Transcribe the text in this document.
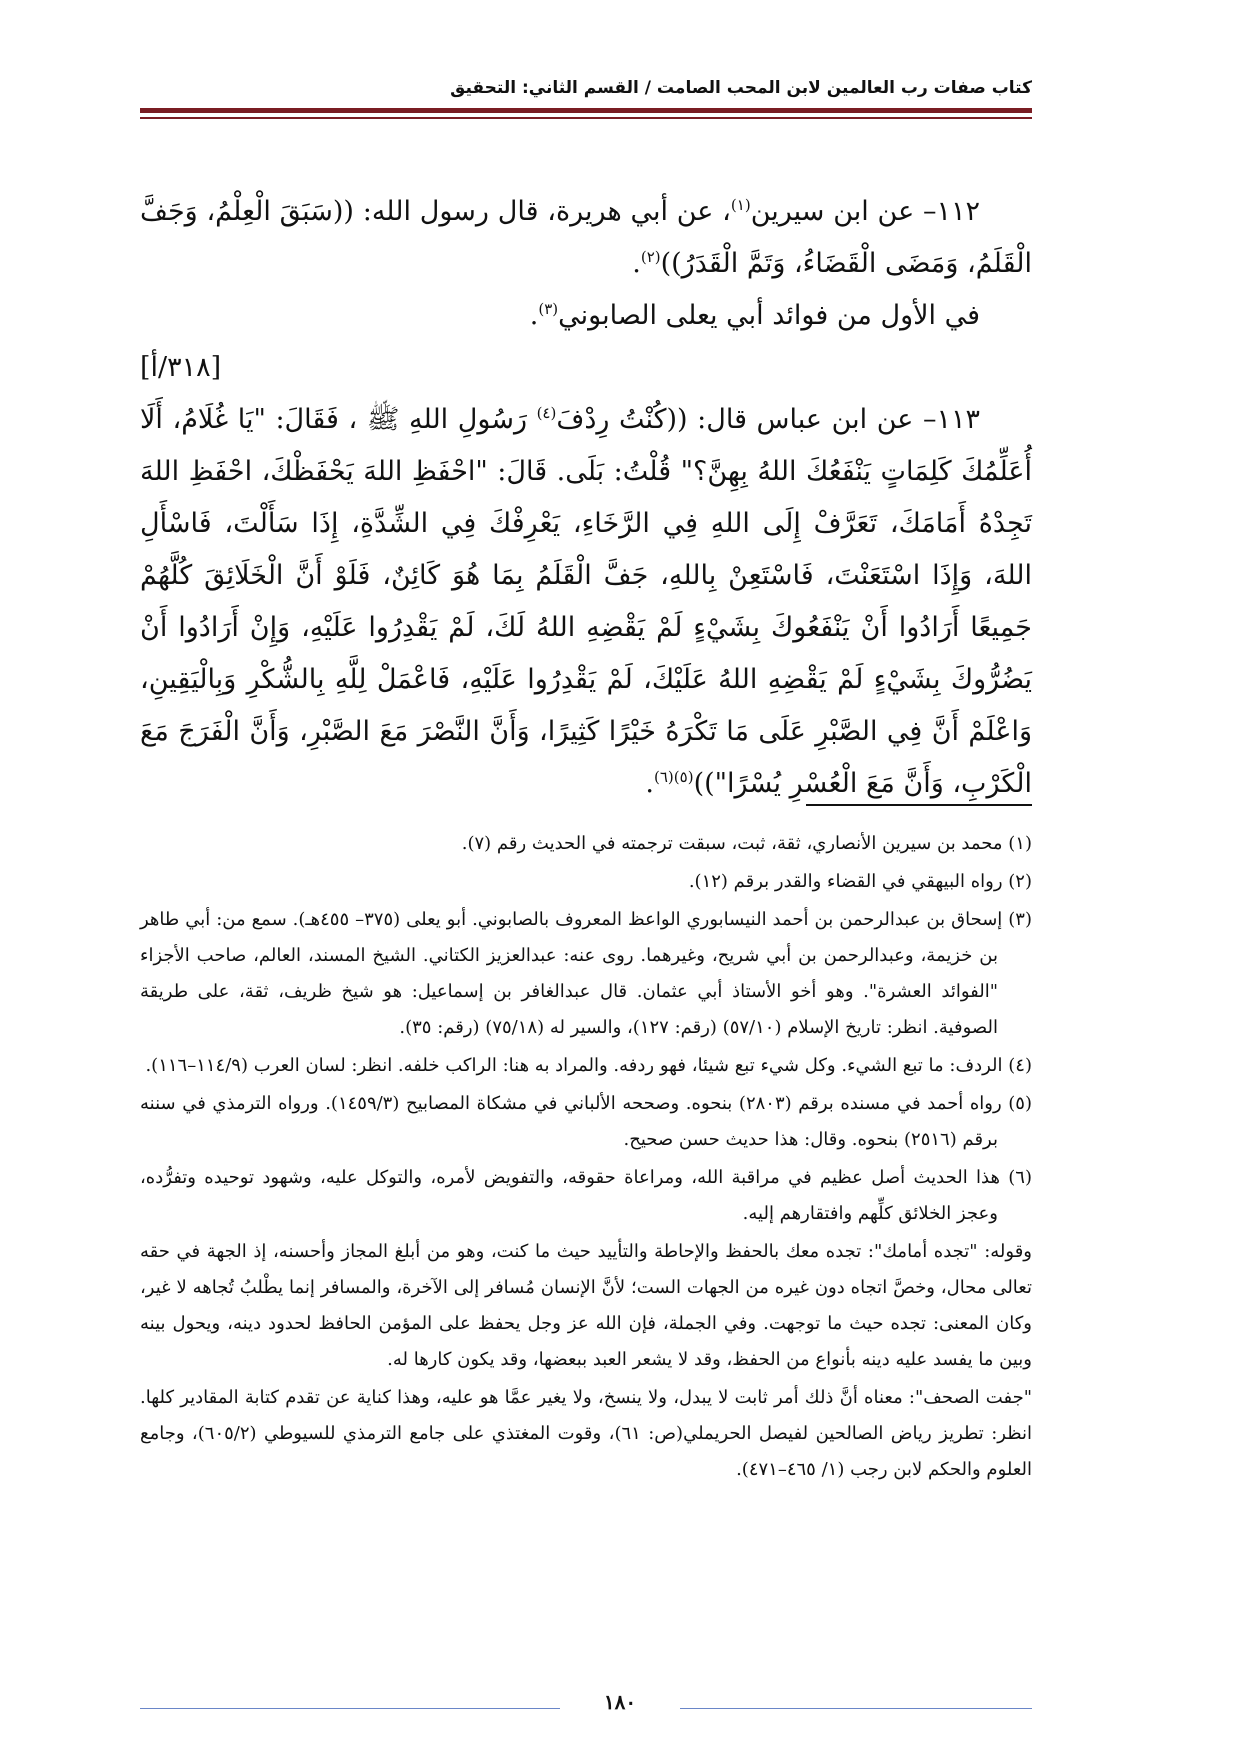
كتاب صفات رب العالمين لابن المحب الصامت / القسم الثاني: التحقيق

١١٢– عن ابن سيرين$^{(١)}$، عن أبي هريرة، قال رسول الله: ((سَبَقَ الْعِلْمُ، وَجَفَّ الْقَلَمُ، وَمَضَى الْقَضَاءُ، وَتَمَّ الْقَدَرُ))$^{(٢)}$.

في الأول من فوائد أبي يعلى الصابوني$^{(٣)}$.

[٣١٨/أ]

١١٣– عن ابن عباس قال: ((كُنْتُ رِدْفَ$^{(٤)}$ رَسُولِ اللهِ ﷺ ، فَقَالَ: "يَا غُلَامُ، أَلَا أُعَلِّمُكَ كَلِمَاتٍ يَنْفَعُكَ اللهُ بِهِنَّ؟" قُلْتُ: بَلَى. قَالَ: "احْفَظِ اللهَ يَحْفَظْكَ، احْفَظِ اللهَ تَجِدْهُ أَمَامَكَ، تَعَرَّفْ إِلَى اللهِ فِي الرَّخَاءِ، يَعْرِفْكَ فِي الشِّدَّةِ، إِذَا سَأَلْتَ، فَاسْأَلِ اللهَ، وَإِذَا اسْتَعَنْتَ، فَاسْتَعِنْ بِاللهِ، جَفَّ الْقَلَمُ بِمَا هُوَ كَائِنٌ، فَلَوْ أَنَّ الْخَلَائِقَ كُلَّهُمْ جَمِيعًا أَرَادُوا أَنْ يَنْفَعُوكَ بِشَيْءٍ لَمْ يَقْضِهِ اللهُ لَكَ، لَمْ يَقْدِرُوا عَلَيْهِ، وَإِنْ أَرَادُوا أَنْ يَضُرُّوكَ بِشَيْءٍ لَمْ يَقْضِهِ اللهُ عَلَيْكَ، لَمْ يَقْدِرُوا عَلَيْهِ، فَاعْمَلْ لِلَّهِ بِالشُّكْرِ وَبِالْيَقِينِ، وَاعْلَمْ أَنَّ فِي الصَّبْرِ عَلَى مَا تَكْرَهُ خَيْرًا كَثِيرًا، وَأَنَّ النَّصْرَ مَعَ الصَّبْرِ، وَأَنَّ الْفَرَجَ مَعَ الْكَرْبِ، وَأَنَّ مَعَ الْعُسْرِ يُسْرًا"))$^{(٥)(٦)}$.

(١) محمد بن سيرين الأنصاري، ثقة، ثبت، سبقت ترجمته في الحديث رقم (٧).

(٢) رواه البيهقي في القضاء والقدر برقم (١٢).

(٣) إسحاق بن عبدالرحمن بن أحمد النيسابوري الواعظ المعروف بالصابوني. أبو يعلى (٣٧٥– ٤٥٥هـ). سمع من: أبي طاهر بن خزيمة، وعبدالرحمن بن أبي شريح، وغيرهما. روى عنه: عبدالعزيز الكتاني. الشيخ المسند، العالم، صاحب الأجزاء "الفوائد العشرة". وهو أخو الأستاذ أبي عثمان. قال عبدالغافر بن إسماعيل: هو شيخ ظريف، ثقة، على طريقة الصوفية. انظر: تاريخ الإسلام (٥٧/١٠) (رقم: ١٢٧)، والسير له (٧٥/١٨) (رقم: ٣٥).

(٤) الردف: ما تبع الشيء. وكل شيء تبع شيئا، فهو ردفه. والمراد به هنا: الراكب خلفه. انظر: لسان العرب (١١٤/٩–١١٦).

(٥) رواه أحمد في مسنده برقم (٢٨٠٣) بنحوه. وصححه الألباني في مشكاة المصابيح (١٤٥٩/٣). ورواه الترمذي في سننه برقم (٢٥١٦) بنحوه. وقال: هذا حديث حسن صحيح.

(٦) هذا الحديث أصل عظيم في مراقبة الله، ومراعاة حقوقه، والتفويض لأمره، والتوكل عليه، وشهود توحيده وتفرُّده، وعجز الخلائق كلِّهم وافتقارهم إليه.

وقوله: "تجده أمامك": تجده معك بالحفظ والإحاطة والتأييد حيث ما كنت، وهو من أبلغ المجاز وأحسنه، إذ الجهة في حقه تعالى محال، وخصَّ اتجاه دون غيره من الجهات الست؛ لأنَّ الإنسان مُسافر إلى الآخرة، والمسافر إنما يطْلبُ تُجاهه لا غير، وكان المعنى: تجده حيث ما توجهت. وفي الجملة، فإن الله عز وجل يحفظ على المؤمن الحافظ لحدود دينه، ويحول بينه وبين ما يفسد عليه دينه بأنواع من الحفظ، وقد لا يشعر العبد ببعضها، وقد يكون كارها له.

"جفت الصحف": معناه أنَّ ذلك أمر ثابت لا يبدل، ولا ينسخ، ولا يغير عمَّا هو عليه، وهذا كناية عن تقدم كتابة المقادير كلها. انظر: تطريز رياض الصالحين لفيصل الحريملي(ص: ٦١)، وقوت المغتذي على جامع الترمذي للسيوطي (٦٠٥/٢)، وجامع العلوم والحكم لابن رجب (١/ ٤٦٥–٤٧١).

١٨٠
